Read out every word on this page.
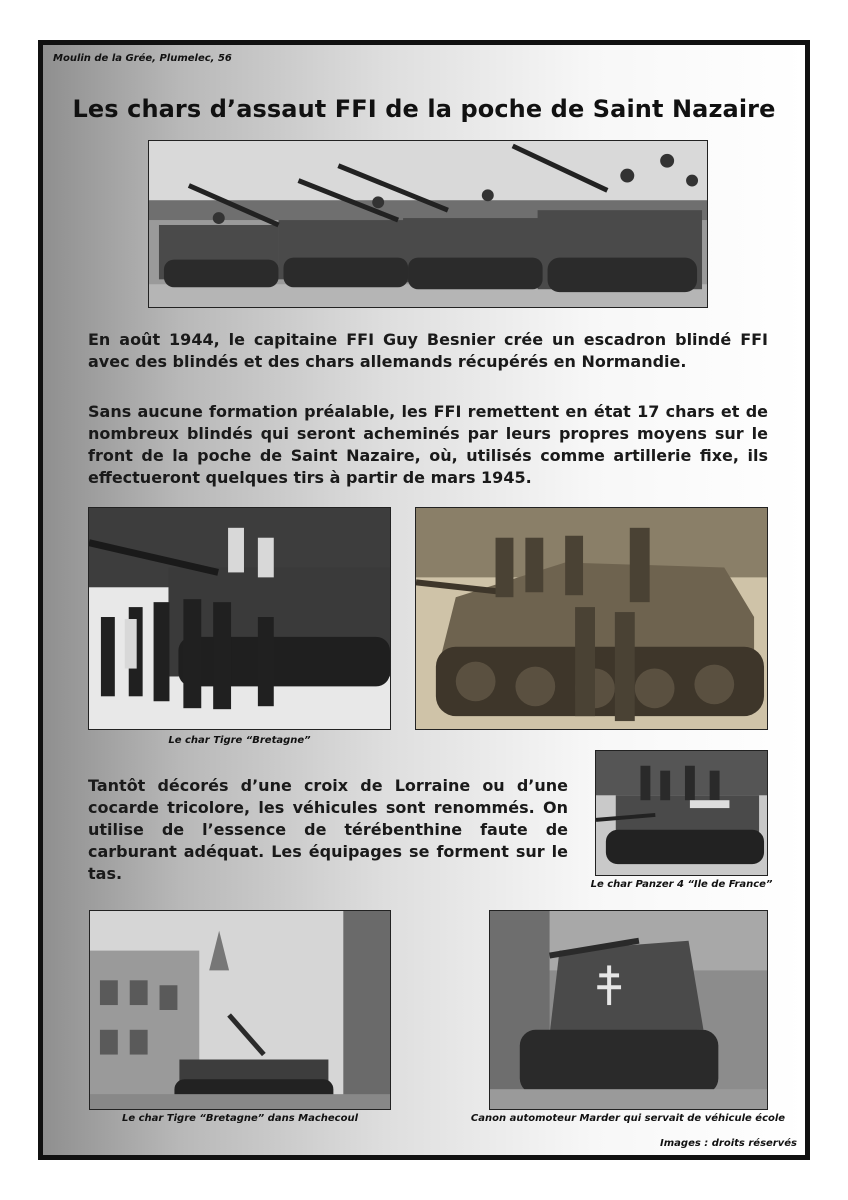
Moulin de la Grée, Plumelec, 56
Les chars d’assaut FFI de la poche de Saint Nazaire
En août 1944, le capitaine FFI Guy Besnier crée un escadron blindé FFI avec des blindés et des chars allemands récupérés en Normandie.
Sans aucune formation préalable, les FFI remettent en état 17 chars et de nombreux blindés qui seront acheminés par leurs propres moyens sur le front de la poche de Saint Nazaire, où, utilisés comme artillerie fixe, ils effectueront quelques tirs à partir de mars 1945.
Le char Tigre “Bretagne”
Tantôt décorés d’une croix de Lorraine ou d’une cocarde tricolore, les véhicules sont renommés. On utilise de l’essence de térébenthine faute de carburant adéquat. Les équipages se forment sur le tas.
Le char Panzer 4 “Ile de France”
Le char Tigre “Bretagne” dans Machecoul	Canon automoteur Marder qui servait de véhicule école
Images : droits réservés
